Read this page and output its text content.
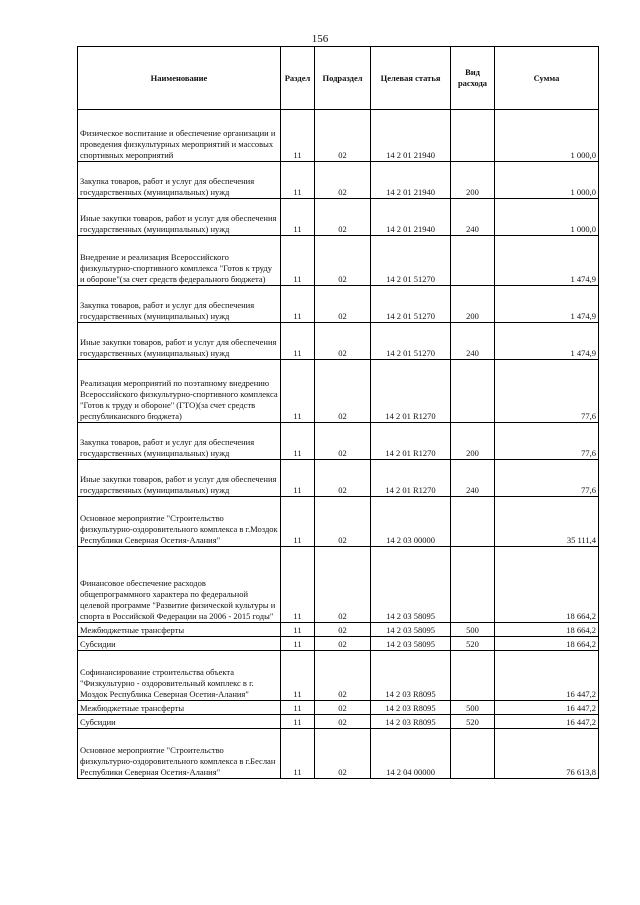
156
Наименование	Раздел	Подраздел	Целевая статья	Вид расхода	Сумма
Физическое воспитание и обеспечение организации и проведения физкультурных мероприятий и массовых спортивных мероприятий	11	02	14 2 01 21940		1 000,0
Закупка товаров, работ и услуг для обеспечения государственных (муниципальных) нужд	11	02	14 2 01 21940	200	1 000,0
Иные закупки товаров, работ и услуг для обеспечения государственных (муниципальных) нужд	11	02	14 2 01 21940	240	1 000,0
Внедрение и реализация Всероссийского физкультурно-спортивного комплекса "Готов к труду и обороне"(за счет средств федерального бюджета)	11	02	14 2 01 51270		1 474,9
Закупка товаров, работ и услуг для обеспечения государственных (муниципальных) нужд	11	02	14 2 01 51270	200	1 474,9
Иные закупки товаров, работ и услуг для обеспечения государственных (муниципальных) нужд	11	02	14 2 01 51270	240	1 474,9
Реализация мероприятий по поэтапному внедрению Всероссийского физкультурно-спортивного комплекса "Готов к труду и обороне" (ГТО)(за счет средств республиканского бюджета)	11	02	14 2 01 R1270		77,6
Закупка товаров, работ и услуг для обеспечения государственных (муниципальных) нужд	11	02	14 2 01 R1270	200	77,6
Иные закупки товаров, работ и услуг для обеспечения государственных (муниципальных) нужд	11	02	14 2 01 R1270	240	77,6
Основное мероприятие "Строительство физкультурно-оздоровительного комплекса в г.Моздок Республики Северная Осетия-Алания"	11	02	14 2 03 00000		35 111,4
Финансовое обеспечение расходов общепрограммного характера по федеральной целевой программе "Развитие физической культуры и спорта в Российской Федерации на 2006 - 2015 годы"	11	02	14 2 03 58095		18 664,2
Межбюджетные трансферты	11	02	14 2 03 58095	500	18 664,2
Субсидии	11	02	14 2 03 58095	520	18 664,2
Софинансирование строительства объекта "Физкультурно - оздоровительный комплекс в г. Моздок Республика Северная Осетия-Алания"	11	02	14 2 03 R8095		16 447,2
Межбюджетные трансферты	11	02	14 2 03 R8095	500	16 447,2
Субсидии	11	02	14 2 03 R8095	520	16 447,2
Основное мероприятие "Строительство физкультурно-оздоровительного комплекса в г.Беслан Республики Северная Осетия-Алания"	11	02	14 2 04 00000		76 613,8
